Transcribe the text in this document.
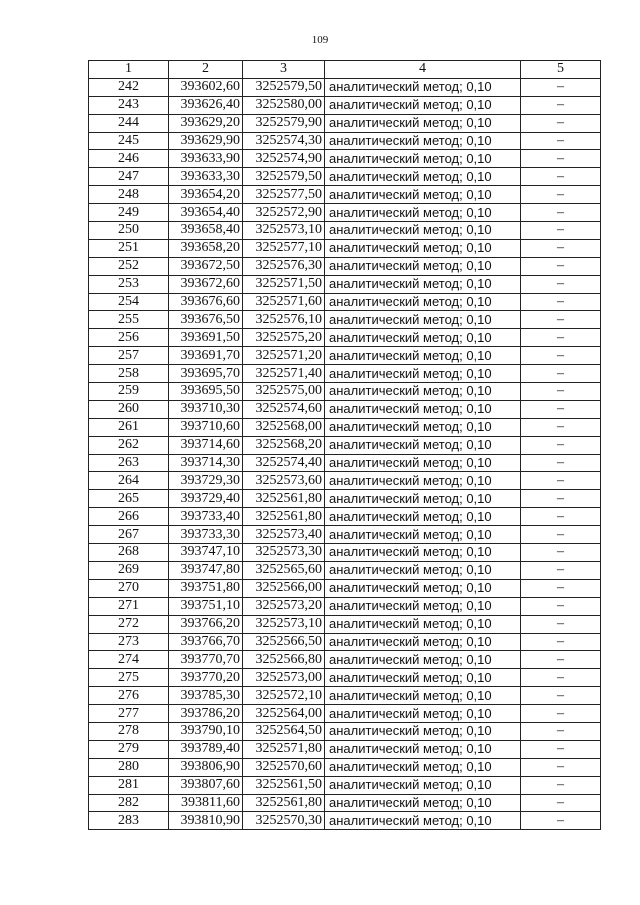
109
1	2	3	4	5
242	393602,60	3252579,50	аналитический метод; 0,10	–
243	393626,40	3252580,00	аналитический метод; 0,10	–
244	393629,20	3252579,90	аналитический метод; 0,10	–
245	393629,90	3252574,30	аналитический метод; 0,10	–
246	393633,90	3252574,90	аналитический метод; 0,10	–
247	393633,30	3252579,50	аналитический метод; 0,10	–
248	393654,20	3252577,50	аналитический метод; 0,10	–
249	393654,40	3252572,90	аналитический метод; 0,10	–
250	393658,40	3252573,10	аналитический метод; 0,10	–
251	393658,20	3252577,10	аналитический метод; 0,10	–
252	393672,50	3252576,30	аналитический метод; 0,10	–
253	393672,60	3252571,50	аналитический метод; 0,10	–
254	393676,60	3252571,60	аналитический метод; 0,10	–
255	393676,50	3252576,10	аналитический метод; 0,10	–
256	393691,50	3252575,20	аналитический метод; 0,10	–
257	393691,70	3252571,20	аналитический метод; 0,10	–
258	393695,70	3252571,40	аналитический метод; 0,10	–
259	393695,50	3252575,00	аналитический метод; 0,10	–
260	393710,30	3252574,60	аналитический метод; 0,10	–
261	393710,60	3252568,00	аналитический метод; 0,10	–
262	393714,60	3252568,20	аналитический метод; 0,10	–
263	393714,30	3252574,40	аналитический метод; 0,10	–
264	393729,30	3252573,60	аналитический метод; 0,10	–
265	393729,40	3252561,80	аналитический метод; 0,10	–
266	393733,40	3252561,80	аналитический метод; 0,10	–
267	393733,30	3252573,40	аналитический метод; 0,10	–
268	393747,10	3252573,30	аналитический метод; 0,10	–
269	393747,80	3252565,60	аналитический метод; 0,10	–
270	393751,80	3252566,00	аналитический метод; 0,10	–
271	393751,10	3252573,20	аналитический метод; 0,10	–
272	393766,20	3252573,10	аналитический метод; 0,10	–
273	393766,70	3252566,50	аналитический метод; 0,10	–
274	393770,70	3252566,80	аналитический метод; 0,10	–
275	393770,20	3252573,00	аналитический метод; 0,10	–
276	393785,30	3252572,10	аналитический метод; 0,10	–
277	393786,20	3252564,00	аналитический метод; 0,10	–
278	393790,10	3252564,50	аналитический метод; 0,10	–
279	393789,40	3252571,80	аналитический метод; 0,10	–
280	393806,90	3252570,60	аналитический метод; 0,10	–
281	393807,60	3252561,50	аналитический метод; 0,10	–
282	393811,60	3252561,80	аналитический метод; 0,10	–
283	393810,90	3252570,30	аналитический метод; 0,10	–
